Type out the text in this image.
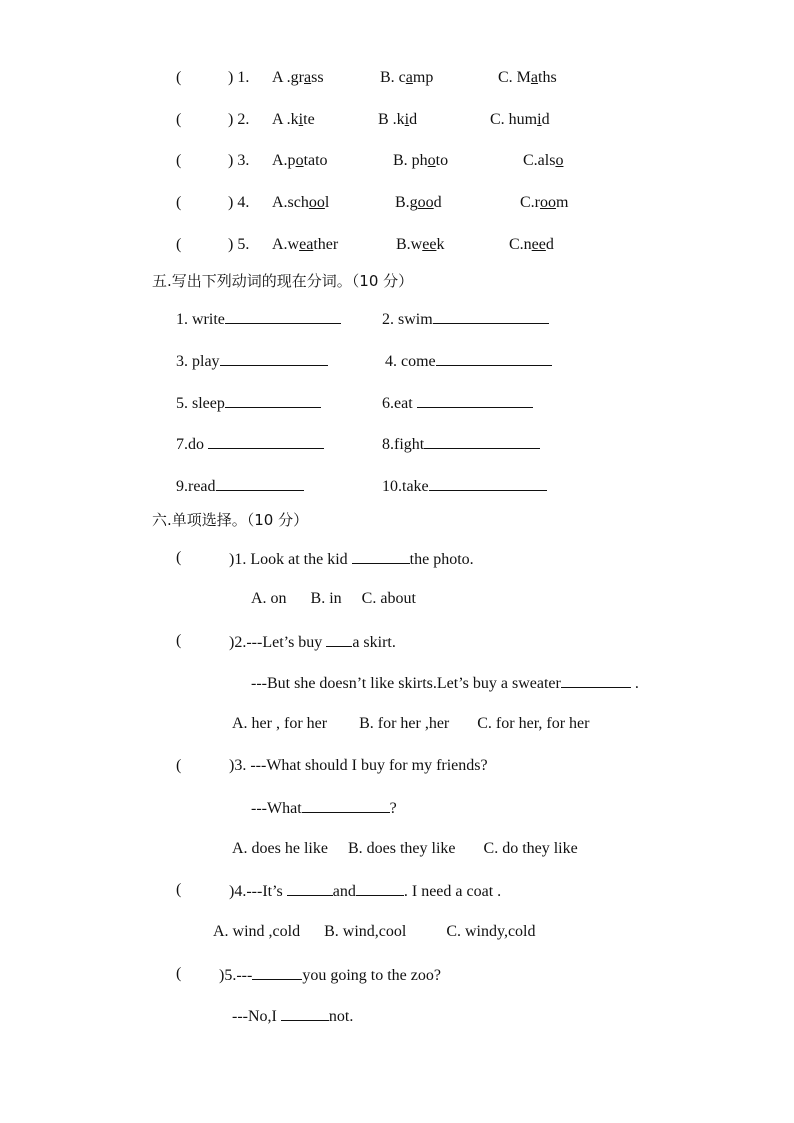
(	) 1. A .grass	B. camp	C. Maths
(	) 2. A .kite	B .kid	C. humid
(	) 3. A.potato	B. photo	C.also
(	) 4. A.school	B.good	C.room
(	) 5. A.weather	B.week	C.need
五.写出下列动词的现在分词。（10 分）
1. write	2. swim
3. play	4. come
5. sleep	6.eat
7.do	8.fight
9.read	10.take
六.单项选择。（10 分）
(	)1. Look at the kid	the photo.
A. on      B. in     C. about
(	)2.---Let’s buy a skirt.
---But she doesn’t like skirts.Let’s buy a sweater	.
A. her , for her        B. for her ,her       C. for her, for her
(	)3. ---What should I buy for my friends?
---What	?
A. does he like     B. does they like       C. do they like
(	)4.---It’s	and	. I need a coat .
A. wind ,cold      B. wind,cool          C. windy,cold
( )5.---	you going to the zoo?
---No,I	not.
